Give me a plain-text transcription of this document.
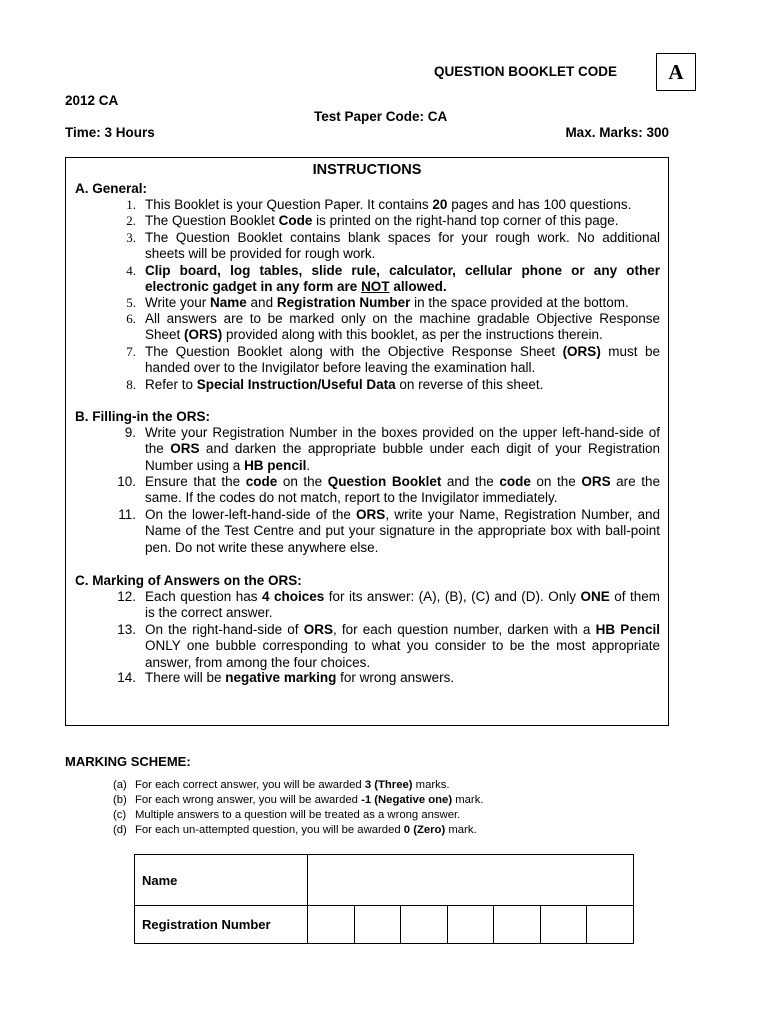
QUESTION BOOKLET CODE	A
2012 CA
Test Paper Code: CA
Time: 3 Hours	Max. Marks: 300
INSTRUCTIONS
A. General:
1. This Booklet is your Question Paper. It contains 20 pages and has 100 questions.
2. The Question Booklet Code is printed on the right-hand top corner of this page.
3. The Question Booklet contains blank spaces for your rough work. No additional sheets will be provided for rough work.
4. Clip board, log tables, slide rule, calculator, cellular phone or any other electronic gadget in any form are NOT allowed.
5. Write your Name and Registration Number in the space provided at the bottom.
6. All answers are to be marked only on the machine gradable Objective Response Sheet (ORS) provided along with this booklet, as per the instructions therein.
7. The Question Booklet along with the Objective Response Sheet (ORS) must be handed over to the Invigilator before leaving the examination hall.
8. Refer to Special Instruction/Useful Data on reverse of this sheet.
B. Filling-in the ORS:
9. Write your Registration Number in the boxes provided on the upper left-hand-side of the ORS and darken the appropriate bubble under each digit of your Registration Number using a HB pencil.
10. Ensure that the code on the Question Booklet and the code on the ORS are the same. If the codes do not match, report to the Invigilator immediately.
11. On the lower-left-hand-side of the ORS, write your Name, Registration Number, and Name of the Test Centre and put your signature in the appropriate box with ball-point pen. Do not write these anywhere else.
C. Marking of Answers on the ORS:
12. Each question has 4 choices for its answer: (A), (B), (C) and (D). Only ONE of them is the correct answer.
13. On the right-hand-side of ORS, for each question number, darken with a HB Pencil ONLY one bubble corresponding to what you consider to be the most appropriate answer, from among the four choices.
14. There will be negative marking for wrong answers.
MARKING SCHEME:
(a) For each correct answer, you will be awarded 3 (Three) marks.
(b) For each wrong answer, you will be awarded -1 (Negative one) mark.
(c) Multiple answers to a question will be treated as a wrong answer.
(d) For each un-attempted question, you will be awarded 0 (Zero) mark.
Name
Registration Number
